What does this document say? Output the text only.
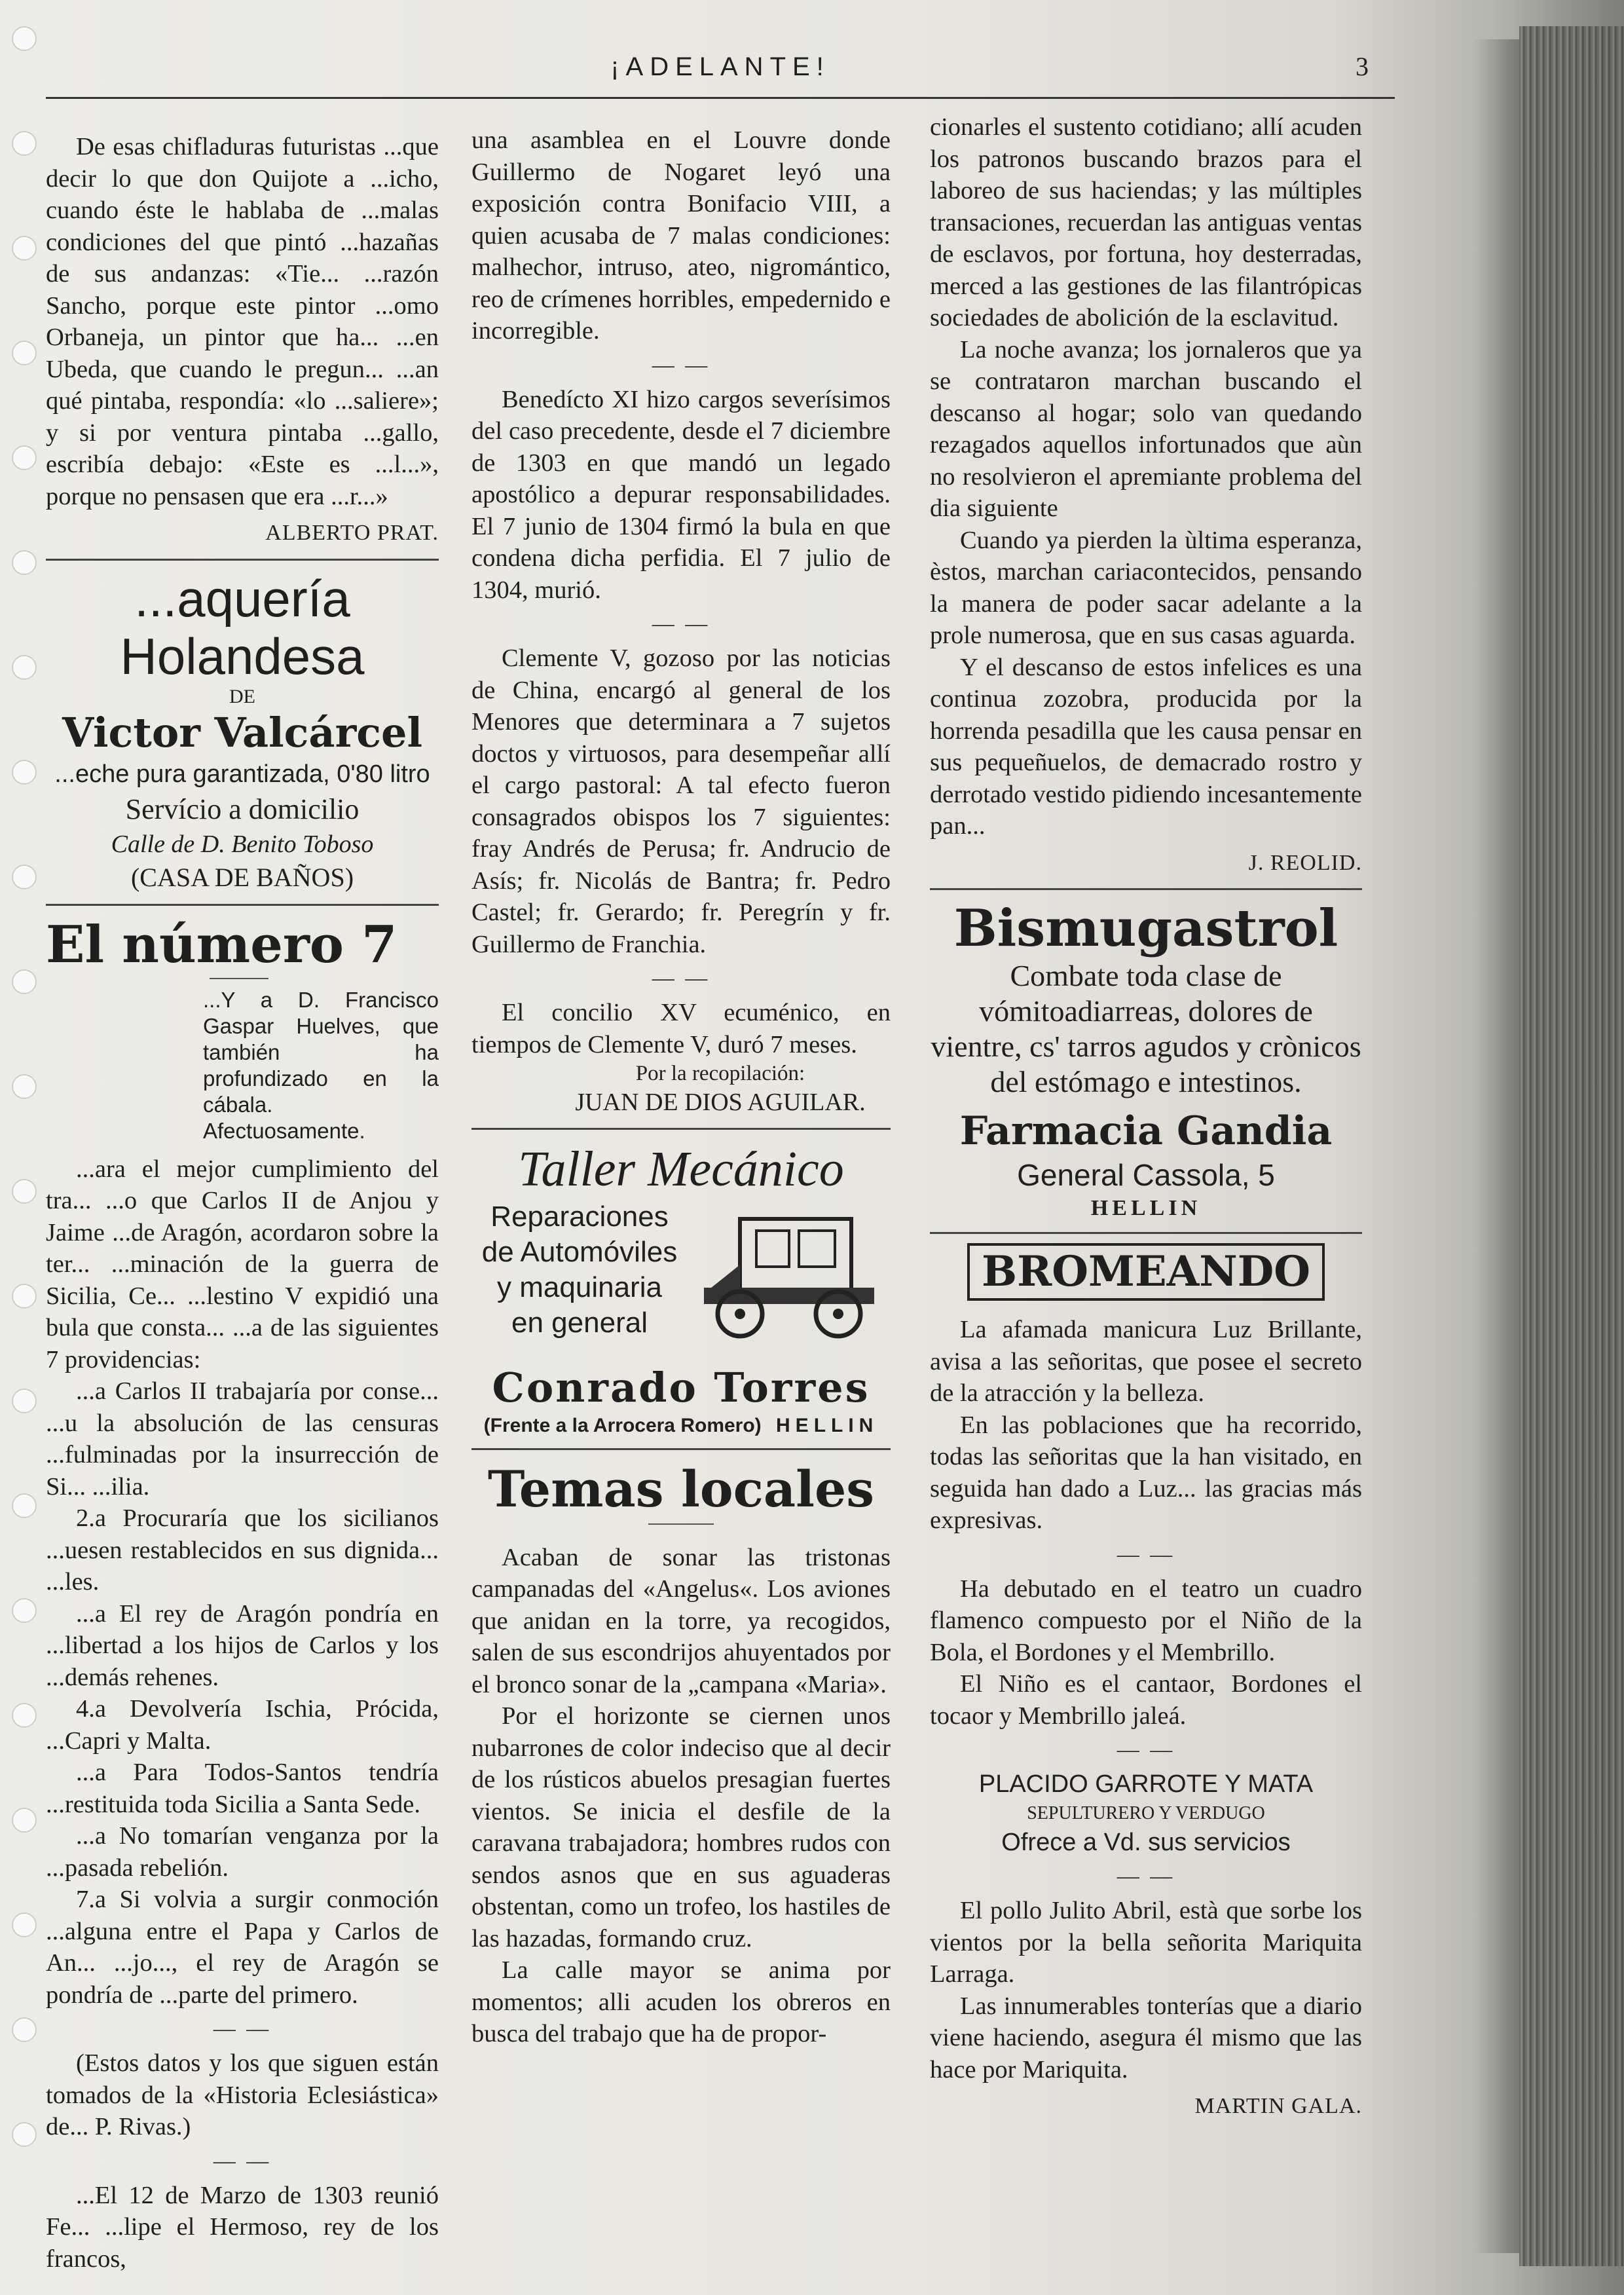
¡ADELANTE!	3

De esas chifladuras futuristas ...que decir lo que don Quijote a ...icho, cuando éste le hablaba de ...malas condiciones del que pintó ...hazañas de sus andanzas: «Tie... ...razón Sancho, porque este pintor ...omo Orbaneja, un pintor que ha... ...en Ubeda, que cuando le pregun... ...an qué pintaba, respondía: «lo ...saliere»; y si por ventura pintaba ...gallo, escribía debajo: «Este es ...l...», porque no pensasen que era ...r...»

ALBERTO PRAT.
...aquería Holandesa
DE
Victor Valcárcel
...eche pura garantizada, 0'80 litro
Servício a domicilio
Calle de D. Benito Toboso
(CASA DE BAÑOS)
El número 7

...Y a D. Francisco Gaspar Huelves, que también ha profundizado en la cábala. Afectuosamente.

...ara el mejor cumplimiento del tra... ...o que Carlos II de Anjou y Jaime ...de Aragón, acordaron sobre la ter... ...minación de la guerra de Sicilia, Ce... ...lestino V expidió una bula que consta... ...a de las siguientes 7 providencias:

...a Carlos II trabajaría por conse... ...u la absolución de las censuras ...fulminadas por la insurrección de Si... ...ilia.

2.a Procuraría que los sicilianos ...uesen restablecidos en sus dignida... ...les.

...a El rey de Aragón pondría en ...libertad a los hijos de Carlos y los ...demás rehenes.

4.a Devolvería Ischia, Prócida, ...Capri y Malta.

...a Para Todos-Santos tendría ...restituida toda Sicilia a Santa Sede.

...a No tomarían venganza por la ...pasada rebelión.

7.a Si volvia a surgir conmoción ...alguna entre el Papa y Carlos de An... ...jo..., el rey de Aragón se pondría de ...parte del primero.

— —

(Estos datos y los que siguen están tomados de la «Historia Eclesiástica» de... P. Rivas.)

— —

...El 12 de Marzo de 1303 reunió Fe... ...lipe el Hermoso, rey de los francos,

una asamblea en el Louvre donde Guillermo de Nogaret leyó una exposición contra Bonifacio VIII, a quien acusaba de 7 malas condiciones: malhechor, intruso, ateo, nigromántico, reo de crímenes horribles, empedernido e incorregible.

— —

Benedícto XI hizo cargos severísimos del caso precedente, desde el 7 diciembre de 1303 en que mandó un legado apostólico a depurar responsabilidades. El 7 junio de 1304 firmó la bula en que condena dicha perfidia. El 7 julio de 1304, murió.

— —

Clemente V, gozoso por las noticias de China, encargó al general de los Menores que determinara a 7 sujetos doctos y virtuosos, para desempeñar allí el cargo pastoral: A tal efecto fueron consagrados obispos los 7 siguientes: fray Andrés de Perusa; fr. Andrucio de Asís; fr. Nicolás de Bantra; fr. Pedro Castel; fr. Gerardo; fr. Peregrín y fr. Guillermo de Franchia.

— —

El concilio XV ecuménico, en tiempos de Clemente V, duró 7 meses.

Por la recopilación:
JUAN DE DIOS AGUILAR.
Taller Mecánico
Reparaciones
de Automóviles
y maquinaria
en general
Conrado Torres
(Frente a la Arrocera Romero) HELLIN
Temas locales

Acaban de sonar las tristonas campanadas del «Angelus«. Los aviones que anidan en la torre, ya recogidos, salen de sus escondrijos ahuyentados por el bronco sonar de la „campana «Maria».

Por el horizonte se ciernen unos nubarrones de color indeciso que al decir de los rústicos abuelos presagian fuertes vientos. Se inicia el desfile de la caravana trabajadora; hombres rudos con sendos asnos que en sus aguaderas obstentan, como un trofeo, los hastiles de las hazadas, formando cruz.

La calle mayor se anima por momentos; alli acuden los obreros en busca del trabajo que ha de propor-

cionarles el sustento cotidiano; allí acuden los patronos buscando brazos para el laboreo de sus haciendas; y las múltiples transaciones, recuerdan las antiguas ventas de esclavos, por fortuna, hoy desterradas, merced a las gestiones de las filantrópicas sociedades de abolición de la esclavitud.

La noche avanza; los jornaleros que ya se contrataron marchan buscando el descanso al hogar; solo van quedando rezagados aquellos infortunados que aùn no resolvieron el apremiante problema del dia siguiente

Cuando ya pierden la ùltima esperanza, èstos, marchan cariacontecidos, pensando la manera de poder sacar adelante a la prole numerosa, que en sus casas aguarda.

Y el descanso de estos infelices es una continua zozobra, producida por la horrenda pesadilla que les causa pensar en sus pequeñuelos, de demacrado rostro y derrotado vestido pidiendo incesantemente pan...

J. REOLID.
Bismugastrol
Combate toda clase de vómitoadiarreas, dolores de vientre, cs' tarros agudos y crònicos del estómago e intestinos.
Farmacia Gandia
General Cassola, 5
HELLIN
BROMEANDO

La afamada manicura Luz Brillante, avisa a las señoritas, que posee el secreto de la atracción y la belleza.

En las poblaciones que ha recorrido, todas las señoritas que la han visitado, en seguida han dado a Luz... las gracias más expresivas.

— —

Ha debutado en el teatro un cuadro flamenco compuesto por el Niño de la Bola, el Bordones y el Membrillo.

El Niño es el cantaor, Bordones el tocaor y Membrillo jaleá.

— —
PLACIDO GARROTE Y MATA
SEPULTURERO Y VERDUGO
Ofrece a Vd. sus servicios
— —

El pollo Julito Abril, està que sorbe los vientos por la bella señorita Mariquita Larraga.

Las innumerables tonterías que a diario viene haciendo, asegura él mismo que las hace por Mariquita.

MARTIN GALA.
